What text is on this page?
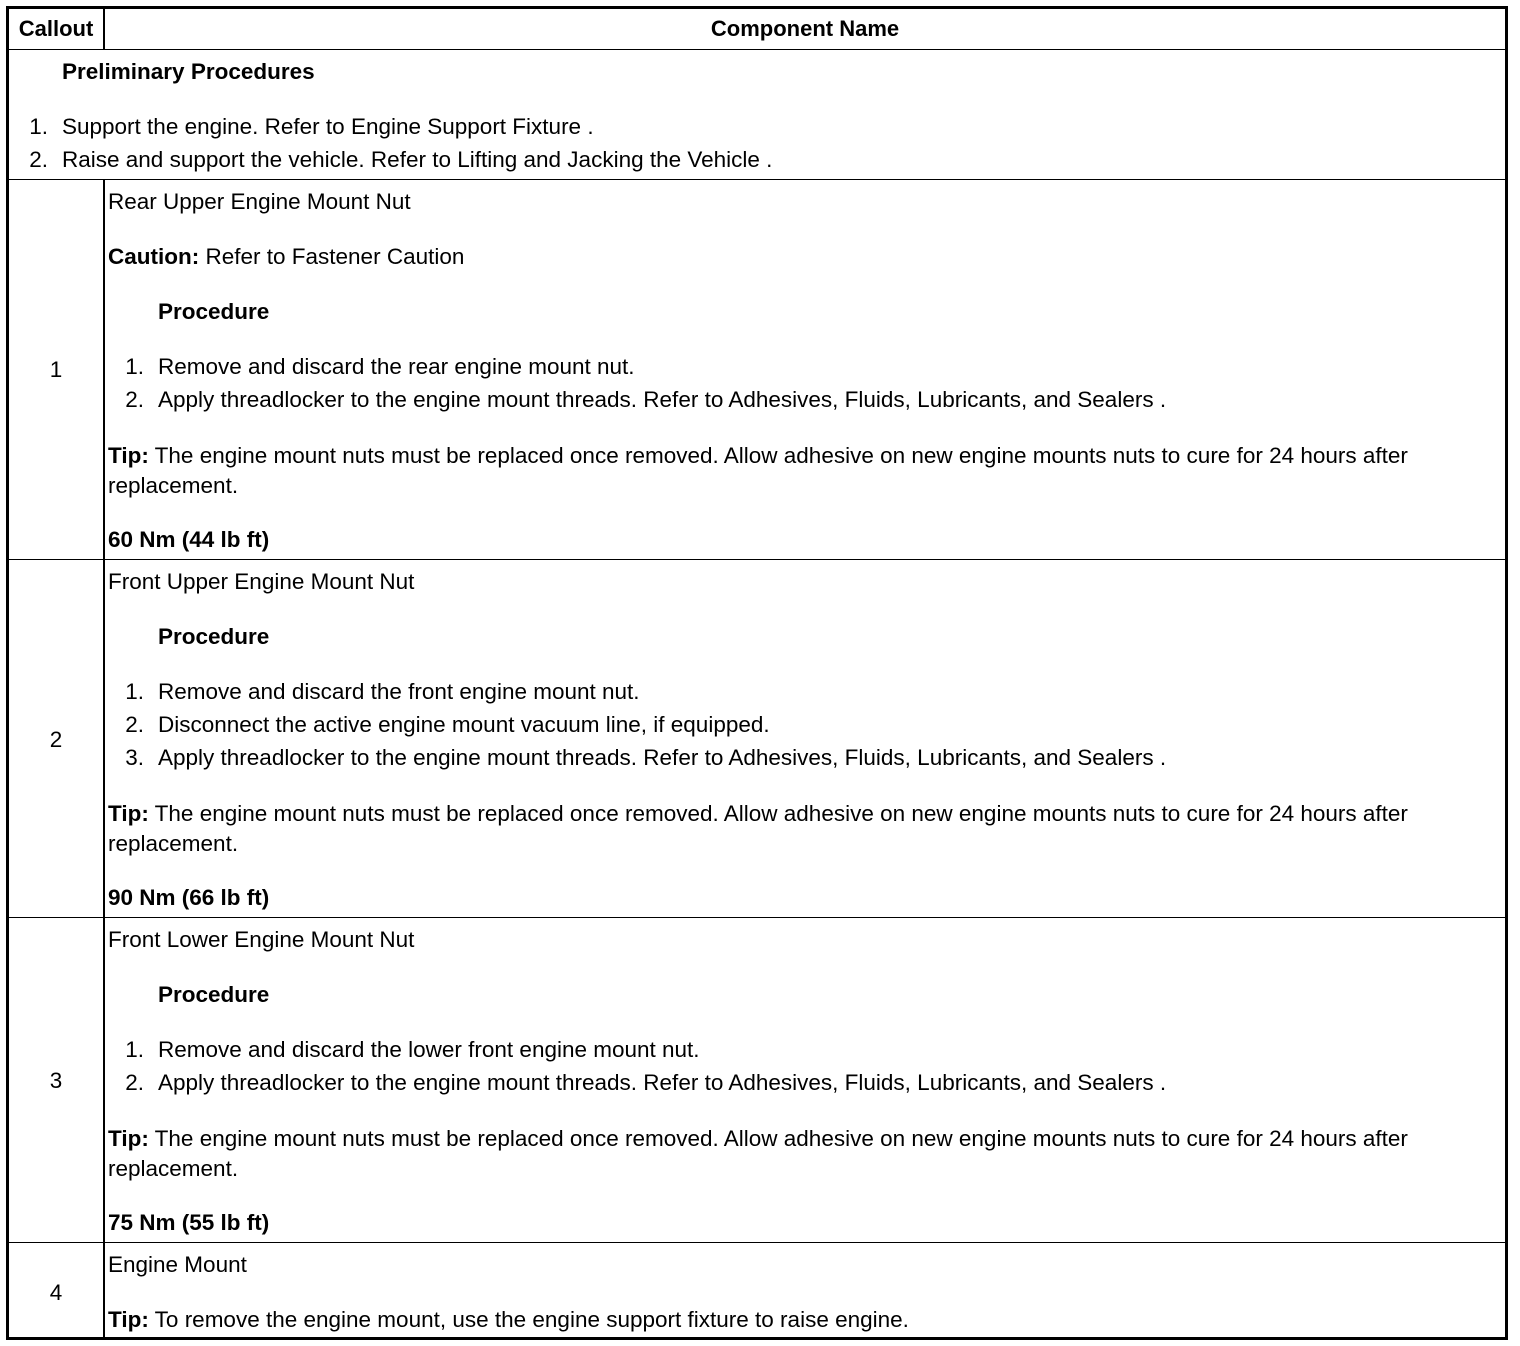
Callout	Component Name
Preliminary Procedures
1. Support the engine. Refer to Engine Support Fixture .
2. Raise and support the vehicle. Refer to Lifting and Jacking the Vehicle .
1
Rear Upper Engine Mount Nut
Caution: Refer to Fastener Caution
Procedure
1. Remove and discard the rear engine mount nut.
2. Apply threadlocker to the engine mount threads. Refer to Adhesives, Fluids, Lubricants, and Sealers .
Tip: The engine mount nuts must be replaced once removed. Allow adhesive on new engine mounts nuts to cure for 24 hours after replacement.
60 Nm (44 lb ft)
2
Front Upper Engine Mount Nut
Procedure
1. Remove and discard the front engine mount nut.
2. Disconnect the active engine mount vacuum line, if equipped.
3. Apply threadlocker to the engine mount threads. Refer to Adhesives, Fluids, Lubricants, and Sealers .
Tip: The engine mount nuts must be replaced once removed. Allow adhesive on new engine mounts nuts to cure for 24 hours after replacement.
90 Nm (66 lb ft)
3
Front Lower Engine Mount Nut
Procedure
1. Remove and discard the lower front engine mount nut.
2. Apply threadlocker to the engine mount threads. Refer to Adhesives, Fluids, Lubricants, and Sealers .
Tip: The engine mount nuts must be replaced once removed. Allow adhesive on new engine mounts nuts to cure for 24 hours after replacement.
75 Nm (55 lb ft)
4
Engine Mount
Tip: To remove the engine mount, use the engine support fixture to raise engine.
